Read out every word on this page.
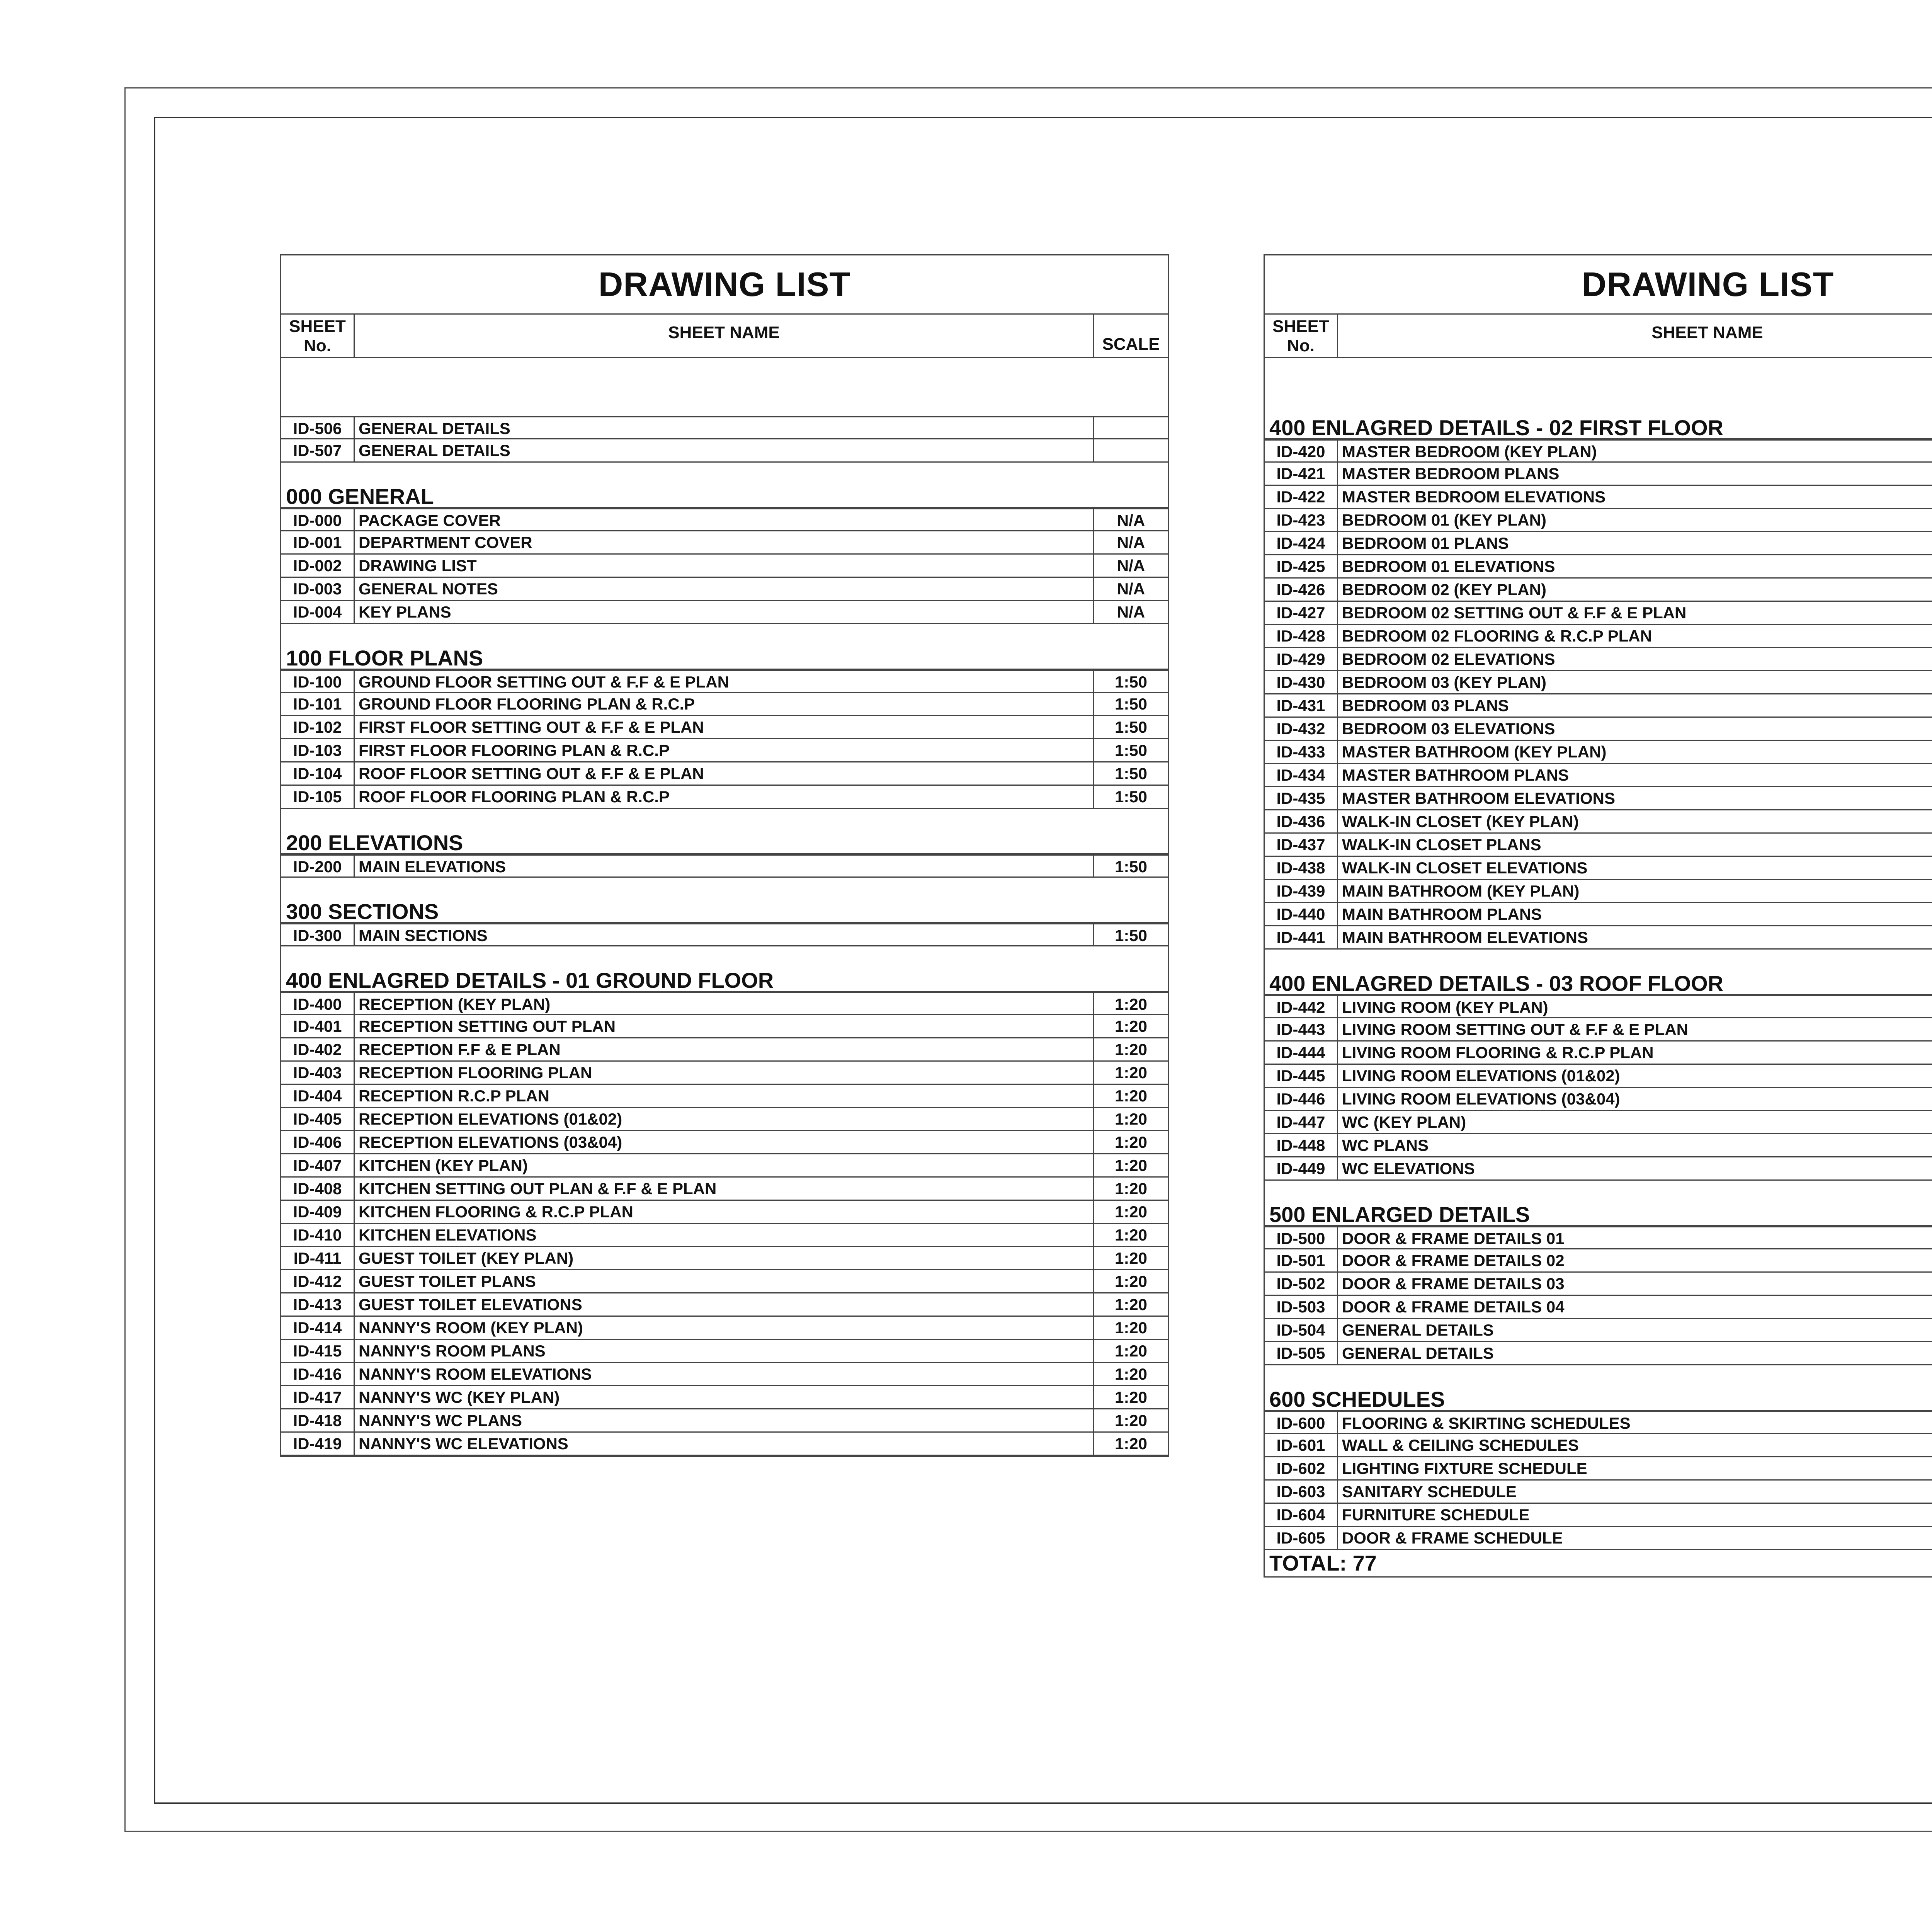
DRAWING LIST
SHEET No.
SHEET NAME
SCALE
ID-506	GENERAL DETAILS
ID-507	GENERAL DETAILS
000 GENERAL
ID-000	PACKAGE COVER	N/A
ID-001	DEPARTMENT COVER	N/A
ID-002	DRAWING LIST	N/A
ID-003	GENERAL NOTES	N/A
ID-004	KEY PLANS	N/A
100 FLOOR PLANS
ID-100	GROUND FLOOR SETTING OUT & F.F & E PLAN	1:50
ID-101	GROUND FLOOR FLOORING PLAN & R.C.P	1:50
ID-102	FIRST FLOOR SETTING OUT & F.F & E PLAN	1:50
ID-103	FIRST FLOOR FLOORING PLAN & R.C.P	1:50
ID-104	ROOF FLOOR SETTING OUT & F.F & E PLAN	1:50
ID-105	ROOF FLOOR FLOORING PLAN & R.C.P	1:50
200 ELEVATIONS
ID-200	MAIN ELEVATIONS	1:50
300 SECTIONS
ID-300	MAIN SECTIONS	1:50
400 ENLAGRED DETAILS - 01 GROUND FLOOR
ID-400	RECEPTION (KEY PLAN)	1:20
ID-401	RECEPTION SETTING OUT PLAN	1:20
ID-402	RECEPTION F.F & E PLAN	1:20
ID-403	RECEPTION FLOORING PLAN	1:20
ID-404	RECEPTION R.C.P PLAN	1:20
ID-405	RECEPTION ELEVATIONS (01&02)	1:20
ID-406	RECEPTION ELEVATIONS (03&04)	1:20
ID-407	KITCHEN (KEY PLAN)	1:20
ID-408	KITCHEN SETTING OUT PLAN & F.F & E PLAN	1:20
ID-409	KITCHEN FLOORING & R.C.P PLAN	1:20
ID-410	KITCHEN ELEVATIONS	1:20
ID-411	GUEST TOILET (KEY PLAN)	1:20
ID-412	GUEST TOILET PLANS	1:20
ID-413	GUEST TOILET ELEVATIONS	1:20
ID-414	NANNY'S ROOM (KEY PLAN)	1:20
ID-415	NANNY'S ROOM PLANS	1:20
ID-416	NANNY'S ROOM ELEVATIONS	1:20
ID-417	NANNY'S WC (KEY PLAN)	1:20
ID-418	NANNY'S WC PLANS	1:20
ID-419	NANNY'S WC ELEVATIONS	1:20
DRAWING LIST
SHEET No.
SHEET NAME
400 ENLAGRED DETAILS - 02 FIRST FLOOR
ID-420	MASTER BEDROOM (KEY PLAN)
ID-421	MASTER BEDROOM PLANS
ID-422	MASTER BEDROOM ELEVATIONS
ID-423	BEDROOM 01 (KEY PLAN)
ID-424	BEDROOM 01 PLANS
ID-425	BEDROOM 01 ELEVATIONS
ID-426	BEDROOM 02 (KEY PLAN)
ID-427	BEDROOM 02 SETTING OUT & F.F & E PLAN
ID-428	BEDROOM 02 FLOORING & R.C.P PLAN
ID-429	BEDROOM 02 ELEVATIONS
ID-430	BEDROOM 03 (KEY PLAN)
ID-431	BEDROOM 03 PLANS
ID-432	BEDROOM 03 ELEVATIONS
ID-433	MASTER BATHROOM (KEY PLAN)
ID-434	MASTER BATHROOM PLANS
ID-435	MASTER BATHROOM ELEVATIONS
ID-436	WALK-IN CLOSET (KEY PLAN)
ID-437	WALK-IN CLOSET PLANS
ID-438	WALK-IN CLOSET ELEVATIONS
ID-439	MAIN BATHROOM (KEY PLAN)
ID-440	MAIN BATHROOM PLANS
ID-441	MAIN BATHROOM ELEVATIONS
400 ENLAGRED DETAILS - 03 ROOF FLOOR
ID-442	LIVING ROOM (KEY PLAN)
ID-443	LIVING ROOM SETTING OUT & F.F & E PLAN
ID-444	LIVING ROOM FLOORING & R.C.P PLAN
ID-445	LIVING ROOM ELEVATIONS (01&02)
ID-446	LIVING ROOM ELEVATIONS (03&04)
ID-447	WC (KEY PLAN)
ID-448	WC PLANS
ID-449	WC ELEVATIONS
500 ENLARGED DETAILS
ID-500	DOOR & FRAME DETAILS 01
ID-501	DOOR & FRAME DETAILS 02
ID-502	DOOR & FRAME DETAILS 03
ID-503	DOOR & FRAME DETAILS 04
ID-504	GENERAL DETAILS
ID-505	GENERAL DETAILS
600 SCHEDULES
ID-600	FLOORING & SKIRTING SCHEDULES
ID-601	WALL & CEILING SCHEDULES
ID-602	LIGHTING FIXTURE SCHEDULE
ID-603	SANITARY SCHEDULE
ID-604	FURNITURE SCHEDULE
ID-605	DOOR & FRAME SCHEDULE
TOTAL: 77
